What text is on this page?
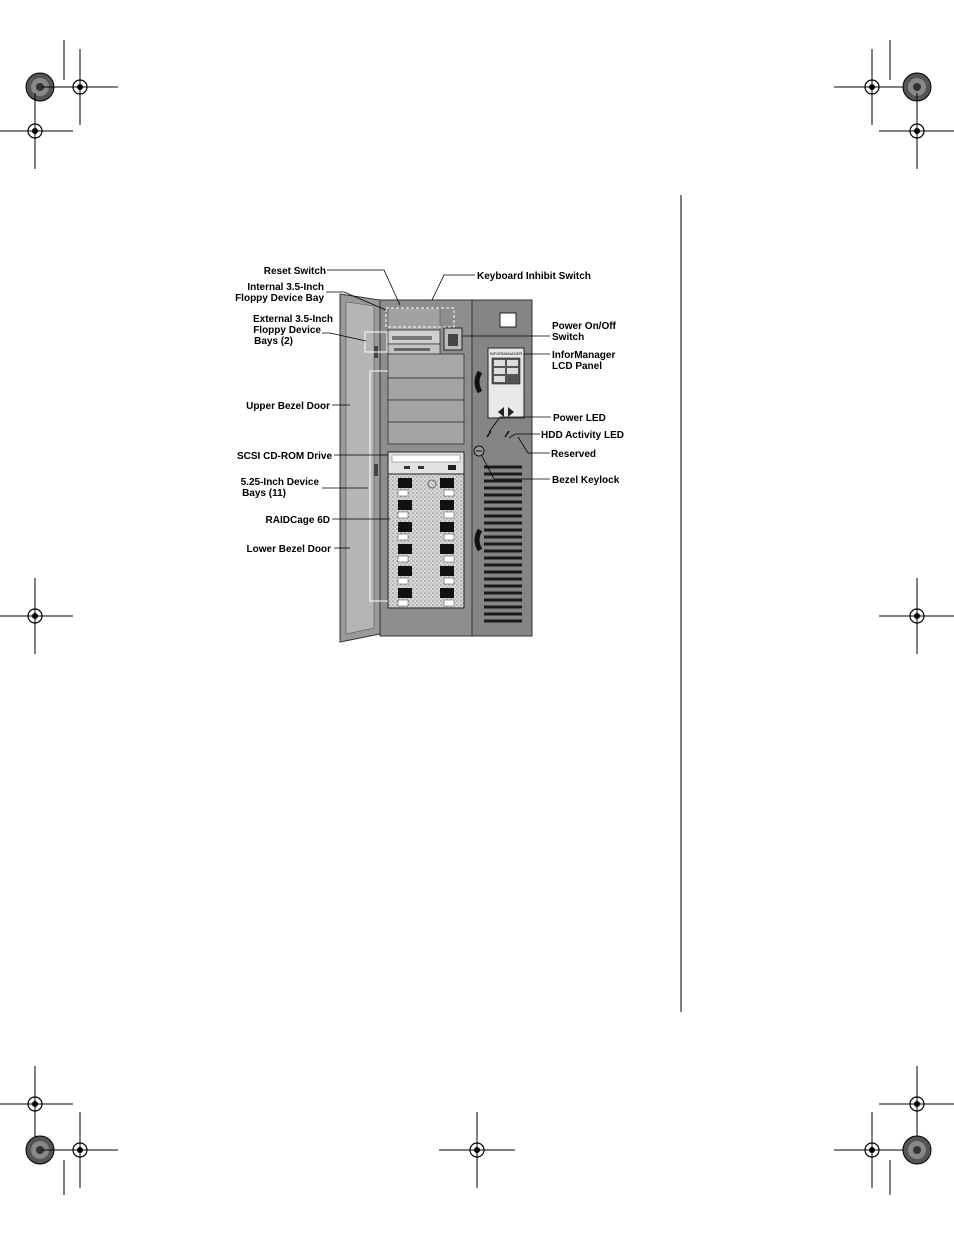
INFORMANAGER
Reset Switch
Internal 3.5-Inch
Floppy Device Bay
External 3.5-Inch
Floppy Device
Bays (2)
Upper Bezel Door
SCSI CD-ROM Drive
5.25-Inch Device
Bays (11)
RAIDCage 6D
Lower Bezel Door
Keyboard Inhibit Switch
Power On/Off
Switch
InforManager
LCD Panel
Power LED
HDD Activity LED
Reserved
Bezel Keylock
